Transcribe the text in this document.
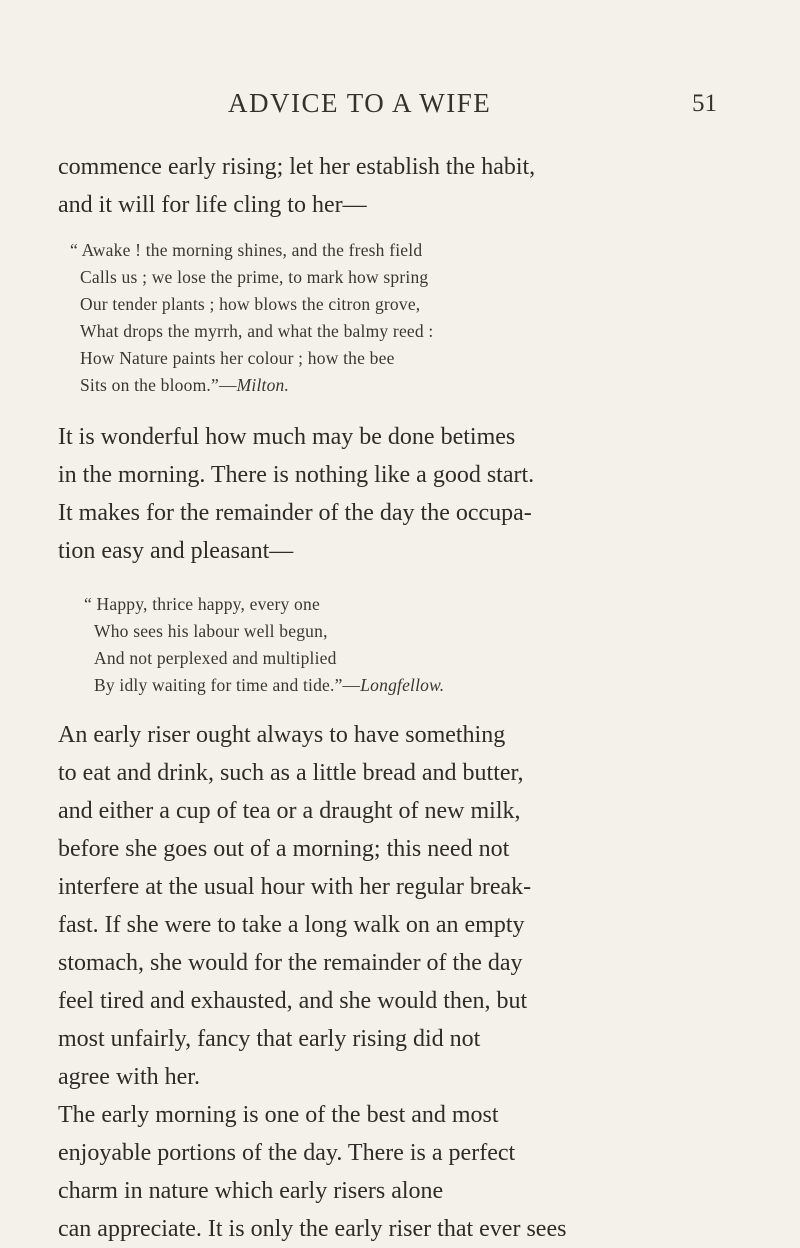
ADVICE TO A WIFE	51
commence early rising; let her establish the habit,
and it will for life cling to her—
“ Awake ! the morning shines, and the fresh field
Calls us ; we lose the prime, to mark how spring
Our tender plants ; how blows the citron grove,
What drops the myrrh, and what the balmy reed :
How Nature paints her colour ; how the bee
Sits on the bloom.”—Milton.
It is wonderful how much may be done betimes
in the morning. There is nothing like a good start.
It makes for the remainder of the day the occupa-
tion easy and pleasant—
“ Happy, thrice happy, every one
Who sees his labour well begun,
And not perplexed and multiplied
By idly waiting for time and tide.”—Longfellow.
An early riser ought always to have something
to eat and drink, such as a little bread and butter,
and either a cup of tea or a draught of new milk,
before she goes out of a morning; this need not
interfere at the usual hour with her regular break-
fast. If she were to take a long walk on an empty
stomach, she would for the remainder of the day
feel tired and exhausted, and she would then, but
most unfairly, fancy that early rising did not
agree with her.
The early morning is one of the best and most
enjoyable portions of the day. There is a perfect
charm in nature which early risers alone
can appreciate. It is only the early riser that ever sees
